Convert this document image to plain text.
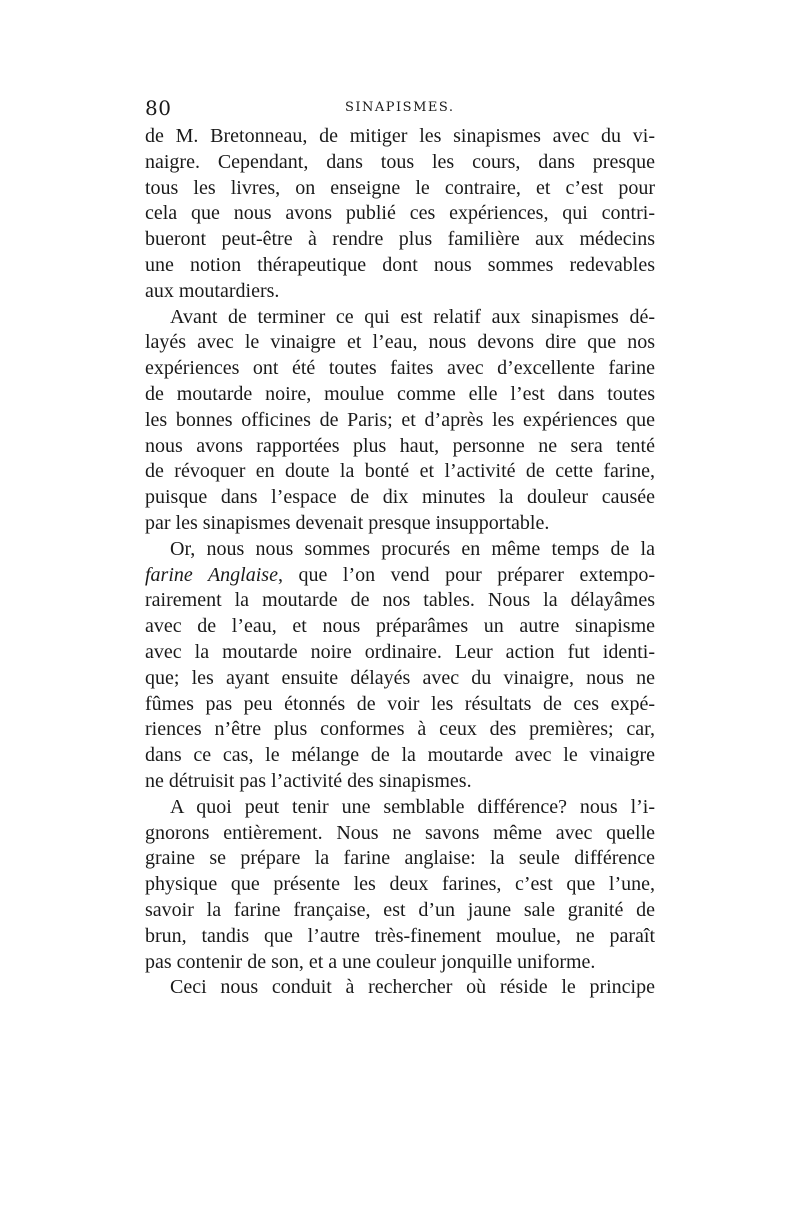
80	SINAPISMES.
de M. Bretonneau, de mitiger les sinapismes avec du vi-
naigre. Cependant, dans tous les cours, dans presque
tous les livres, on enseigne le contraire, et c’est pour
cela que nous avons publié ces expériences, qui contri-
bueront peut-être à rendre plus familière aux médecins
une notion thérapeutique dont nous sommes redevables
aux moutardiers.
Avant de terminer ce qui est relatif aux sinapismes dé-
layés avec le vinaigre et l’eau, nous devons dire que nos
expériences ont été toutes faites avec d’excellente farine
de moutarde noire, moulue comme elle l’est dans toutes
les bonnes officines de Paris; et d’après les expériences que
nous avons rapportées plus haut, personne ne sera tenté
de révoquer en doute la bonté et l’activité de cette farine,
puisque dans l’espace de dix minutes la douleur causée
par les sinapismes devenait presque insupportable.
Or, nous nous sommes procurés en même temps de la
farine Anglaise, que l’on vend pour préparer extempo-
rairement la moutarde de nos tables. Nous la délayâmes
avec de l’eau, et nous préparâmes un autre sinapisme
avec la moutarde noire ordinaire. Leur action fut identi-
que; les ayant ensuite délayés avec du vinaigre, nous ne
fûmes pas peu étonnés de voir les résultats de ces expé-
riences n’être plus conformes à ceux des premières; car,
dans ce cas, le mélange de la moutarde avec le vinaigre
ne détruisit pas l’activité des sinapismes.
A quoi peut tenir une semblable différence? nous l’i-
gnorons entièrement. Nous ne savons même avec quelle
graine se prépare la farine anglaise: la seule différence
physique que présente les deux farines, c’est que l’une,
savoir la farine française, est d’un jaune sale granité de
brun, tandis que l’autre très-finement moulue, ne paraît
pas contenir de son, et a une couleur jonquille uniforme.
Ceci nous conduit à rechercher où réside le principe
